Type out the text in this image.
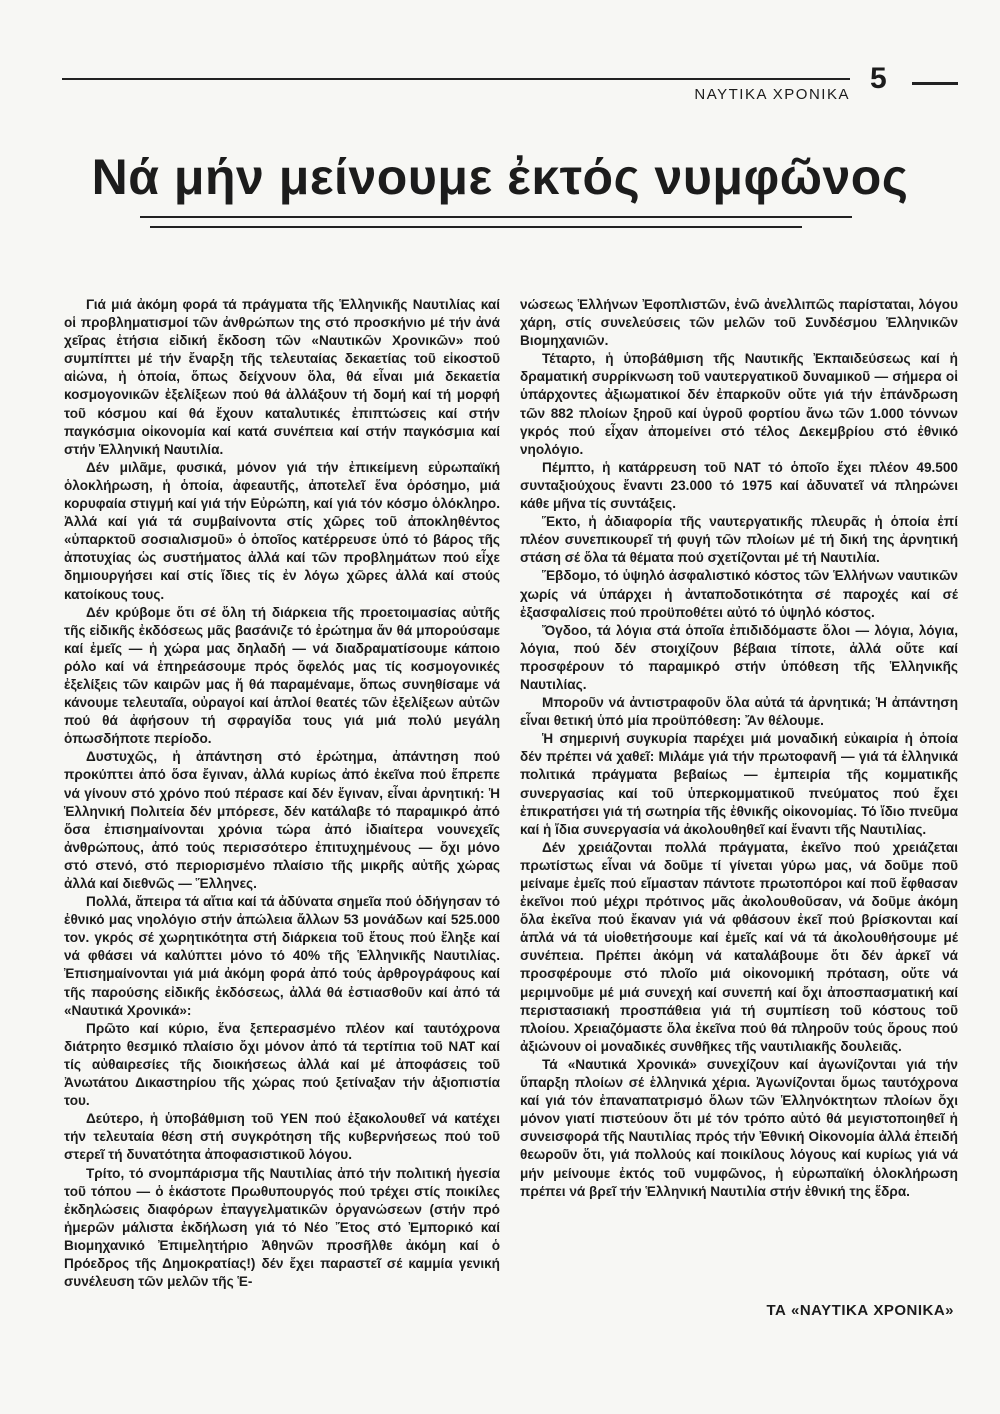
ΝΑΥΤΙΚΑ ΧΡΟΝΙΚΑ 5
Νά μήν μείνουμε ἐκτός νυμφῶνος

Γιά μιά ἀκόμη φορά τά πράγματα τῆς Ἑλληνικῆς Ναυτιλίας καί οἱ προβληματισμοί τῶν ἀνθρώπων της στό προσκήνιο μέ τήν ἀνά χεῖρας ἐτήσια εἰδική ἔκδοση τῶν «Ναυτικῶν Χρονικῶν» πού συμπίπτει μέ τήν ἔναρξη τῆς τελευταίας δεκαετίας τοῦ εἰκοστοῦ αἰώνα, ἡ ὁποία, ὅπως δείχνουν ὅλα, θά εἶναι μιά δεκαετία κοσμογονικῶν ἐξελίξεων πού θά ἀλλάξουν τή δομή καί τή μορφή τοῦ κόσμου καί θά ἔχουν καταλυτικές ἐπιπτώσεις καί στήν παγκόσμια οἰκονομία καί κατά συνέπεια καί στήν παγκόσμια καί στήν Ἑλληνική Ναυτιλία.

Δέν μιλᾶμε, φυσικά, μόνον γιά τήν ἐπικείμενη εὐρωπαϊκή ὁλοκλήρωση, ἡ ὁποία, ἀφεαυτῆς, ἀποτελεῖ ἕνα ὁρόσημο, μιά κορυφαία στιγμή καί γιά τήν Εὐρώπη, καί γιά τόν κόσμο ὁλόκληρο. Ἀλλά καί γιά τά συμβαίνοντα στίς χῶρες τοῦ ἀποκληθέντος «ὑπαρκτοῦ σοσιαλισμοῦ» ὁ ὁποῖος κατέρρευσε ὑπό τό βάρος τῆς ἀποτυχίας ὡς συστήματος ἀλλά καί τῶν προβλημάτων πού εἶχε δημιουργήσει καί στίς ἴδιες τίς ἐν λόγω χῶρες ἀλλά καί στούς κατοίκους τους.

Δέν κρύβομε ὅτι σέ ὅλη τή διάρκεια τῆς προετοιμασίας αὐτῆς τῆς εἰδικῆς ἐκδόσεως μᾶς βασάνιζε τό ἐρώτημα ἄν θά μπορούσαμε καί ἐμεῖς — ἡ χώρα μας δηλαδή — νά διαδραματίσουμε κάποιο ρόλο καί νά ἐπηρεάσουμε πρός ὄφελός μας τίς κοσμογονικές ἐξελίξεις τῶν καιρῶν μας ἤ θά παραμέναμε, ὅπως συνηθίσαμε νά κάνουμε τελευταῖα, οὐραγοί καί ἁπλοί θεατές τῶν ἐξελίξεων αὐτῶν πού θά ἀφήσουν τή σφραγίδα τους γιά μιά πολύ μεγάλη ὁπωσδήποτε περίοδο.

Δυστυχῶς, ἡ ἀπάντηση στό ἐρώτημα, ἀπάντηση πού προκύπτει ἀπό ὅσα ἔγιναν, ἀλλά κυρίως ἀπό ἐκεῖνα πού ἔπρεπε νά γίνουν στό χρόνο πού πέρασε καί δέν ἔγιναν, εἶναι ἀρνητική: Ἡ Ἑλληνική Πολιτεία δέν μπόρεσε, δέν κατάλαβε τό παραμικρό ἀπό ὅσα ἐπισημαίνονται χρόνια τώρα ἀπό ἰδιαίτερα νουνεχεῖς ἀνθρώπους, ἀπό τούς περισσότερο ἐπιτυχημένους — ὄχι μόνο στό στενό, στό περιορισμένο πλαίσιο τῆς μικρῆς αὐτῆς χώρας ἀλλά καί διεθνῶς — Ἕλληνες.

Πολλά, ἄπειρα τά αἴτια καί τά ἀδύνατα σημεῖα πού ὁδήγησαν τό ἐθνικό μας νηολόγιο στήν ἀπώλεια ἄλλων 53 μονάδων καί 525.000 τον. γκρός σέ χωρητικότητα στή διάρκεια τοῦ ἔτους πού ἔληξε καί νά φθάσει νά καλύπτει μόνο τό 40% τῆς Ἑλληνικῆς Ναυτιλίας. Ἐπισημαίνονται γιά μιά ἀκόμη φορά ἀπό τούς ἀρθρογράφους καί τῆς παρούσης εἰδικῆς ἐκδόσεως, ἀλλά θά ἐστιασθοῦν καί ἀπό τά «Ναυτικά Χρονικά»:

Πρῶτο καί κύριο, ἕνα ξεπερασμένο πλέον καί ταυτόχρονα διάτρητο θεσμικό πλαίσιο ὄχι μόνον ἀπό τά τερτίπια τοῦ ΝΑΤ καί τίς αὐθαιρεσίες τῆς διοικήσεως ἀλλά καί μέ ἀποφάσεις τοῦ Ἀνωτάτου Δικαστηρίου τῆς χώρας πού ξετίναξαν τήν ἀξιοπιστία του.

Δεύτερο, ἡ ὑποβάθμιση τοῦ ΥΕΝ πού ἐξακολουθεῖ νά κατέχει τήν τελευταία θέση στή συγκρότηση τῆς κυβερνήσεως πού τοῦ στερεῖ τή δυνατότητα ἀποφασιστικοῦ λόγου.

Τρίτο, τό σνομπάρισμα τῆς Ναυτιλίας ἀπό τήν πολιτική ἡγεσία τοῦ τόπου — ὁ ἑκάστοτε Πρωθυπουργός πού τρέχει στίς ποικίλες ἐκδηλώσεις διαφόρων ἐπαγγελματικῶν ὀργανώσεων (στήν πρό ἡμερῶν μάλιστα ἐκδήλωση γιά τό Νέο Ἔτος στό Ἐμπορικό καί Βιομηχανικό Ἐπιμελητήριο Ἀθηνῶν προσῆλθε ἀκόμη καί ὁ Πρόεδρος τῆς Δημοκρατίας!) δέν ἔχει παραστεῖ σέ καμμία γενική συνέλευση τῶν μελῶν τῆς Ἑ-

νώσεως Ἑλλήνων Ἐφοπλιστῶν, ἐνῶ ἀνελλιπῶς παρίσταται, λόγου χάρη, στίς συνελεύσεις τῶν μελῶν τοῦ Συνδέσμου Ἑλληνικῶν Βιομηχανιῶν.

Τέταρτο, ἡ ὑποβάθμιση τῆς Ναυτικῆς Ἐκπαιδεύσεως καί ἡ δραματική συρρίκνωση τοῦ ναυτεργατικοῦ δυναμικοῦ — σήμερα οἱ ὑπάρχοντες ἀξιωματικοί δέν ἐπαρκοῦν οὔτε γιά τήν ἐπάνδρωση τῶν 882 πλοίων ξηροῦ καί ὑγροῦ φορτίου ἄνω τῶν 1.000 τόννων γκρός πού εἶχαν ἀπομείνει στό τέλος Δεκεμβρίου στό ἐθνικό νηολόγιο.

Πέμπτο, ἡ κατάρρευση τοῦ ΝΑΤ τό ὁποῖο ἔχει πλέον 49.500 συνταξιούχους ἔναντι 23.000 τό 1975 καί ἀδυνατεῖ νά πληρώνει κάθε μῆνα τίς συντάξεις.

Ἕκτο, ἡ ἀδιαφορία τῆς ναυτεργατικῆς πλευρᾶς ἡ ὁποία ἐπί πλέον συνεπικουρεῖ τή φυγή τῶν πλοίων μέ τή δική της ἀρνητική στάση σέ ὅλα τά θέματα πού σχετίζονται μέ τή Ναυτιλία.

Ἕβδομο, τό ὑψηλό ἀσφαλιστικό κόστος τῶν Ἑλλήνων ναυτικῶν χωρίς νά ὑπάρχει ἡ ἀνταποδοτικότητα σέ παροχές καί σέ ἐξασφαλίσεις πού προϋποθέτει αὐτό τό ὑψηλό κόστος.

Ὄγδοο, τά λόγια στά ὁποῖα ἐπιδιδόμαστε ὅλοι — λόγια, λόγια, λόγια, πού δέν στοιχίζουν βέβαια τίποτε, ἀλλά οὔτε καί προσφέρουν τό παραμικρό στήν ὑπόθεση τῆς Ἑλληνικῆς Ναυτιλίας.

Μποροῦν νά ἀντιστραφοῦν ὅλα αὐτά τά ἀρνητικά; Ἡ ἀπάντηση εἶναι θετική ὑπό μία προϋπόθεση: Ἄν θέλουμε.

Ἡ σημερινή συγκυρία παρέχει μιά μοναδική εὐκαιρία ἡ ὁποία δέν πρέπει νά χαθεῖ: Μιλάμε γιά τήν πρωτοφανῆ — γιά τά ἑλληνικά πολιτικά πράγματα βεβαίως — ἐμπειρία τῆς κομματικῆς συνεργασίας καί τοῦ ὑπερκομματικοῦ πνεύματος πού ἔχει ἐπικρατήσει γιά τή σωτηρία τῆς ἐθνικῆς οἰκονομίας. Τό ἴδιο πνεῦμα καί ἡ ἴδια συνεργασία νά ἀκολουθηθεῖ καί ἔναντι τῆς Ναυτιλίας.

Δέν χρειάζονται πολλά πράγματα, ἐκεῖνο πού χρειάζεται πρωτίστως εἶναι νά δοῦμε τί γίνεται γύρω μας, νά δοῦμε ποῦ μείναμε ἐμεῖς πού εἴμασταν πάντοτε πρωτοπόροι καί ποῦ ἔφθασαν ἐκεῖνοι πού μέχρι πρότινος μᾶς ἀκολουθοῦσαν, νά δοῦμε ἀκόμη ὅλα ἐκεῖνα πού ἔκαναν γιά νά φθάσουν ἐκεῖ πού βρίσκονται καί ἁπλά νά τά υἱοθετήσουμε καί ἐμεῖς καί νά τά ἀκολουθήσουμε μέ συνέπεια. Πρέπει ἀκόμη νά καταλάβουμε ὅτι δέν ἀρκεῖ νά προσφέρουμε στό πλοῖο μιά οἰκονομική πρόταση, οὔτε νά μεριμνοῦμε μέ μιά συνεχή καί συνεπή καί ὄχι ἀποσπασματική καί περιστασιακή προσπάθεια γιά τή συμπίεση τοῦ κόστους τοῦ πλοίου. Χρειαζόμαστε ὅλα ἐκεῖνα πού θά πληροῦν τούς ὅρους πού ἀξιώνουν οἱ μοναδικές συνθῆκες τῆς ναυτιλιακῆς δουλειᾶς.

Τά «Ναυτικά Χρονικά» συνεχίζουν καί ἀγωνίζονται γιά τήν ὕπαρξη πλοίων σέ ἑλληνικά χέρια. Ἀγωνίζονται ὅμως ταυτόχρονα καί γιά τόν ἐπαναπατρισμό ὅλων τῶν Ἑλληνόκτητων πλοίων ὄχι μόνον γιατί πιστεύουν ὅτι μέ τόν τρόπο αὐτό θά μεγιστοποιηθεῖ ἡ συνεισφορά τῆς Ναυτιλίας πρός τήν Ἐθνική Οἰκονομία ἀλλά ἐπειδή θεωροῦν ὅτι, γιά πολλούς καί ποικίλους λόγους καί κυρίως γιά νά μήν μείνουμε ἐκτός τοῦ νυμφῶνος, ἡ εὐρωπαϊκή ὁλοκλήρωση πρέπει νά βρεῖ τήν Ἑλληνική Ναυτιλία στήν ἐθνική της ἕδρα.

ΤΑ «ΝΑΥΤΙΚΑ ΧΡΟΝΙΚΑ»
